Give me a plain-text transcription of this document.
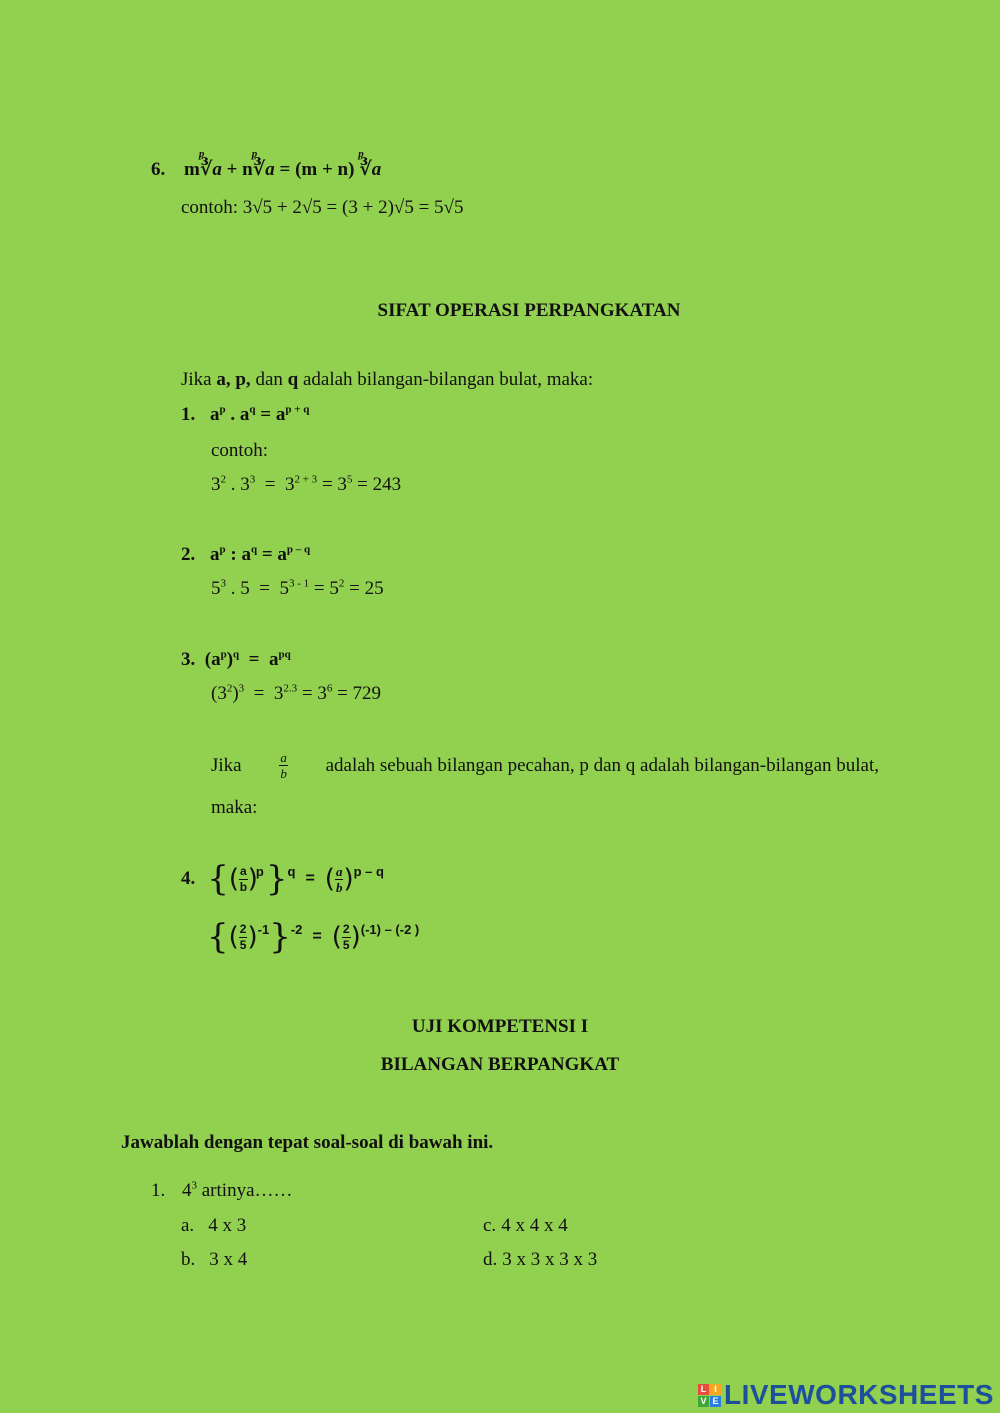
6. m
p
∛a + n
p
∛a = (m + n)
p
∛a
contoh: 3√5 + 2√5 = (3 + 2)√5 = 5√5
SIFAT OPERASI PERPANGKATAN
Jika a, p, dan q adalah bilangan-bilangan bulat, maka:
1. $a^p$ . $a^q = a^{p + q}$
contoh:
$3^2$ . $3^3 = 3^{2 + 3} = 3^5 = 243$
2. $a^p$ : $a^q = a^{p - q}$
$5^3$ . $5 = 5^{3 - 1} = 5^2 = 25$
3. $(a^p)^q = a^{pq}$
$(3^2)^3 = 3^{2.3} = 3^6 = 729$
Jika	$\frac{a}{b}$ adalah sebuah bilangan pecahan, p dan q adalah bilangan-bilangan bulat,
maka:
4. { ( $\frac{a}{b}$ )
p } q = ( $\frac{a}{b}$ ) p – q
{ ( $\frac{2}{5}$ ) -1 } -2 = ( $\frac{2}{5}$ ) (-1) – (-2 )
UJI KOMPETENSI I
BILANGAN BERPANGKAT
Jawablah dengan tepat soal-soal di bawah ini.
1. $4^3$ artinya……
a. 4 x 3
b. 3 x 4
c. 4 x 4 x 4
d. 3 x 3 x 3 x 3
L I
V E LIVEWORKSHEETS
